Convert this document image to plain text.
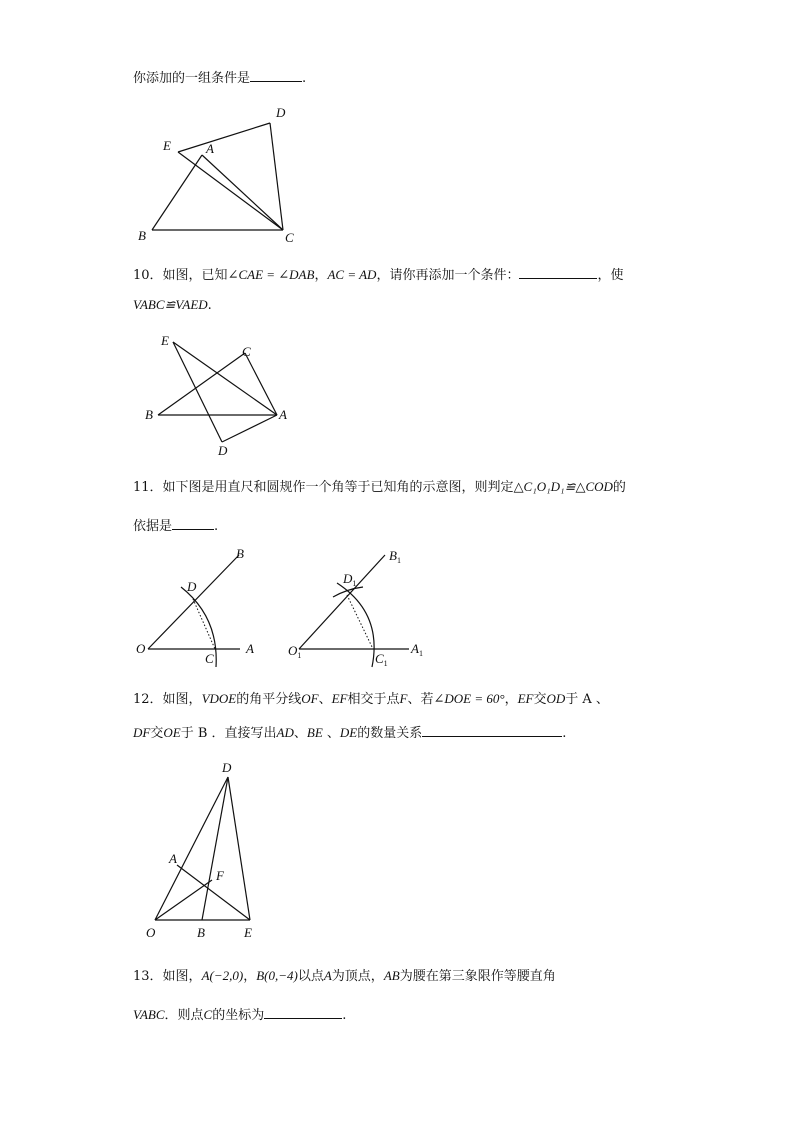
你添加的一组条件是	.
D
E	A
B	C
10．如图，已知∠CAE = ∠DAB，AC = AD，请你再添加一个条件：	，使
VABC≌VAED.
E
C
B	A
D
11．如下图是用直尺和圆规作一个角等于已知角的示意图，则判定△C₁O₁D₁≌△COD的
依据是	.
B
D
O
C
A
$B_1$
$D_1$
$O_1$	$C_1$
$A_1$
12．如图，VDOE的角平分线OF、EF相交于点F、若∠DOE = 60°，EF交OD于 A 、
DF交OE于 B ．直接写出AD、BE 、DE的数量关系	.
D
A
F
O	B	E
13．如图，A(−2,0)，B(0,−4)以点A为顶点，AB为腰在第三象限作等腰直角
VABC．则点C的坐标为	.
